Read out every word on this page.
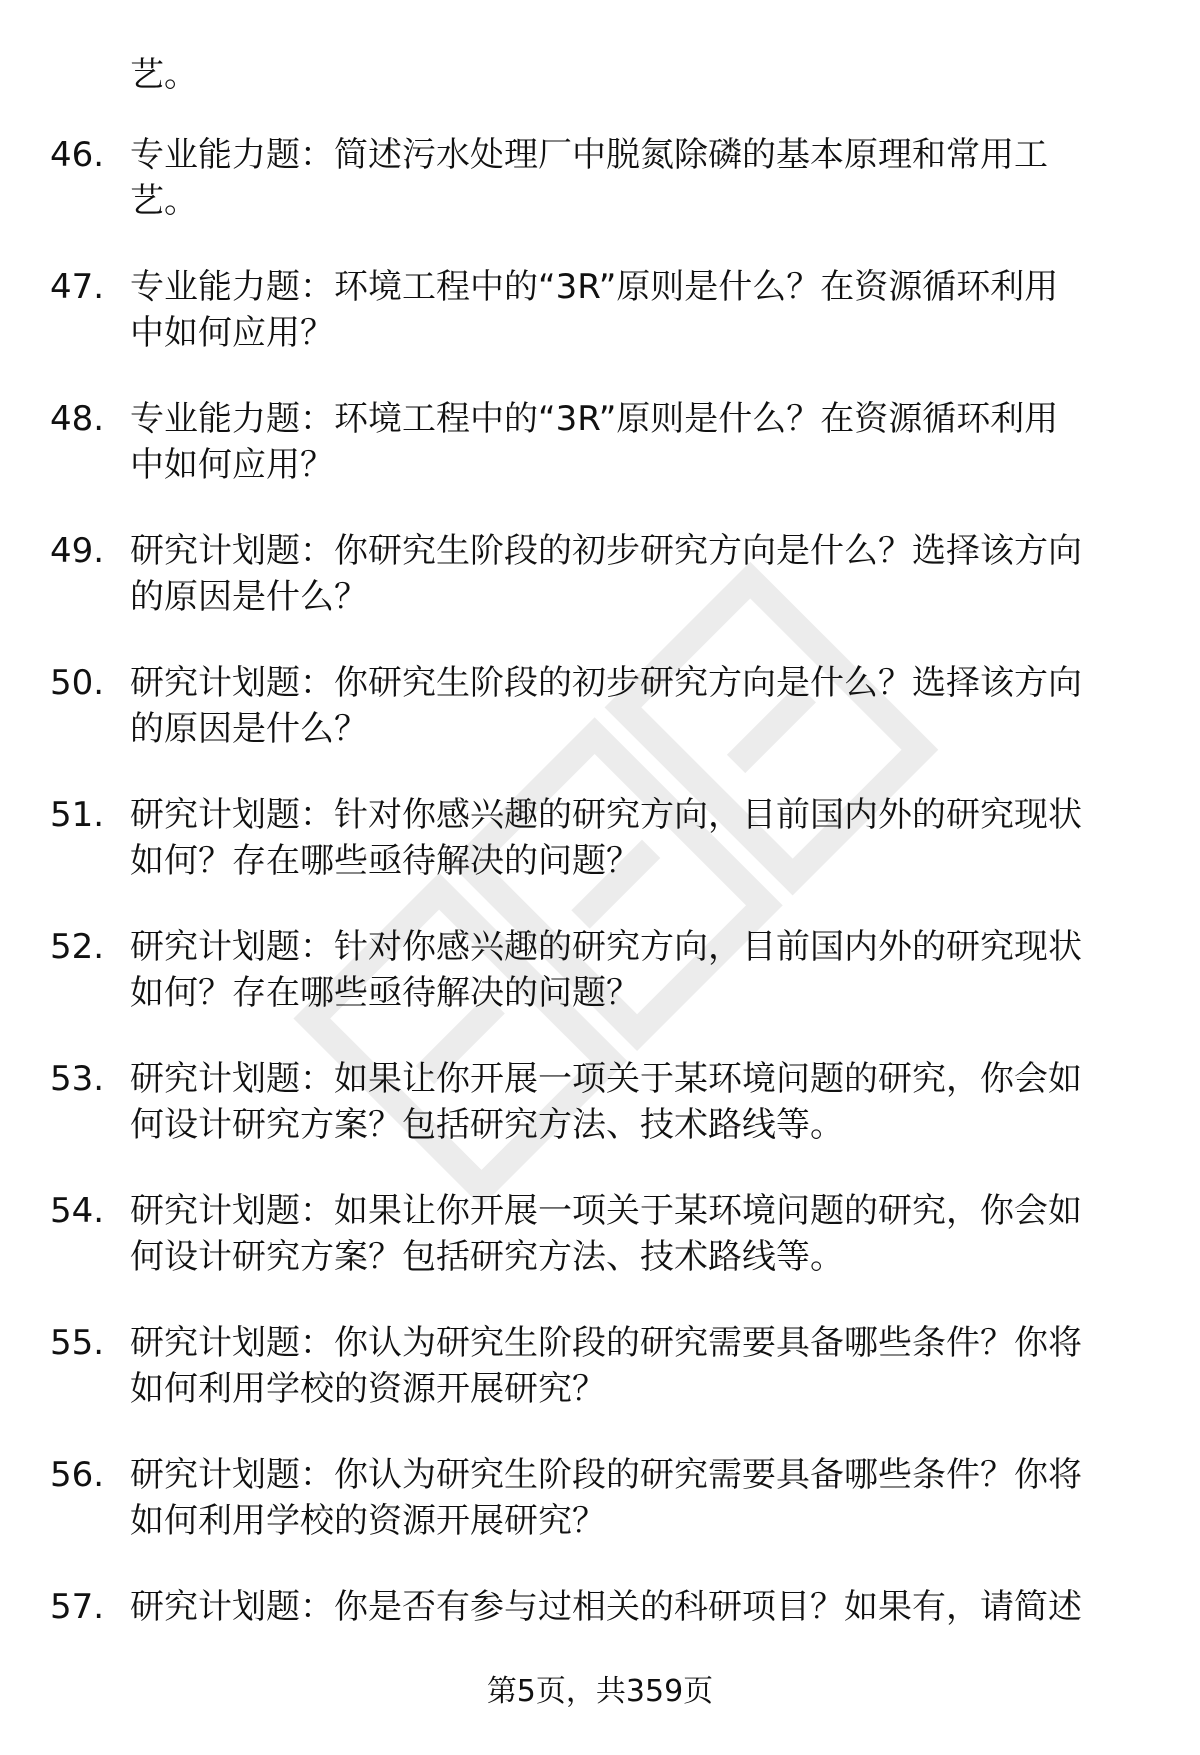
艺。

46. 专业能力题：简述污水处理厂中脱氮除磷的基本原理和常用工
艺。
47. 专业能力题：环境工程中的“3R”原则是什么？在资源循环利用
中如何应用？
48. 专业能力题：环境工程中的“3R”原则是什么？在资源循环利用
中如何应用？
49. 研究计划题：你研究生阶段的初步研究方向是什么？选择该方向
的原因是什么？
50. 研究计划题：你研究生阶段的初步研究方向是什么？选择该方向
的原因是什么？
51. 研究计划题：针对你感兴趣的研究方向，目前国内外的研究现状
如何？存在哪些亟待解决的问题？
52. 研究计划题：针对你感兴趣的研究方向，目前国内外的研究现状
如何？存在哪些亟待解决的问题？
53. 研究计划题：如果让你开展一项关于某环境问题的研究，你会如
何设计研究方案？包括研究方法、技术路线等。
54. 研究计划题：如果让你开展一项关于某环境问题的研究，你会如
何设计研究方案？包括研究方法、技术路线等。
55. 研究计划题：你认为研究生阶段的研究需要具备哪些条件？你将
如何利用学校的资源开展研究？
56. 研究计划题：你认为研究生阶段的研究需要具备哪些条件？你将
如何利用学校的资源开展研究？
57. 研究计划题：你是否有参与过相关的科研项目？如果有，请简述
第5页，共359页
